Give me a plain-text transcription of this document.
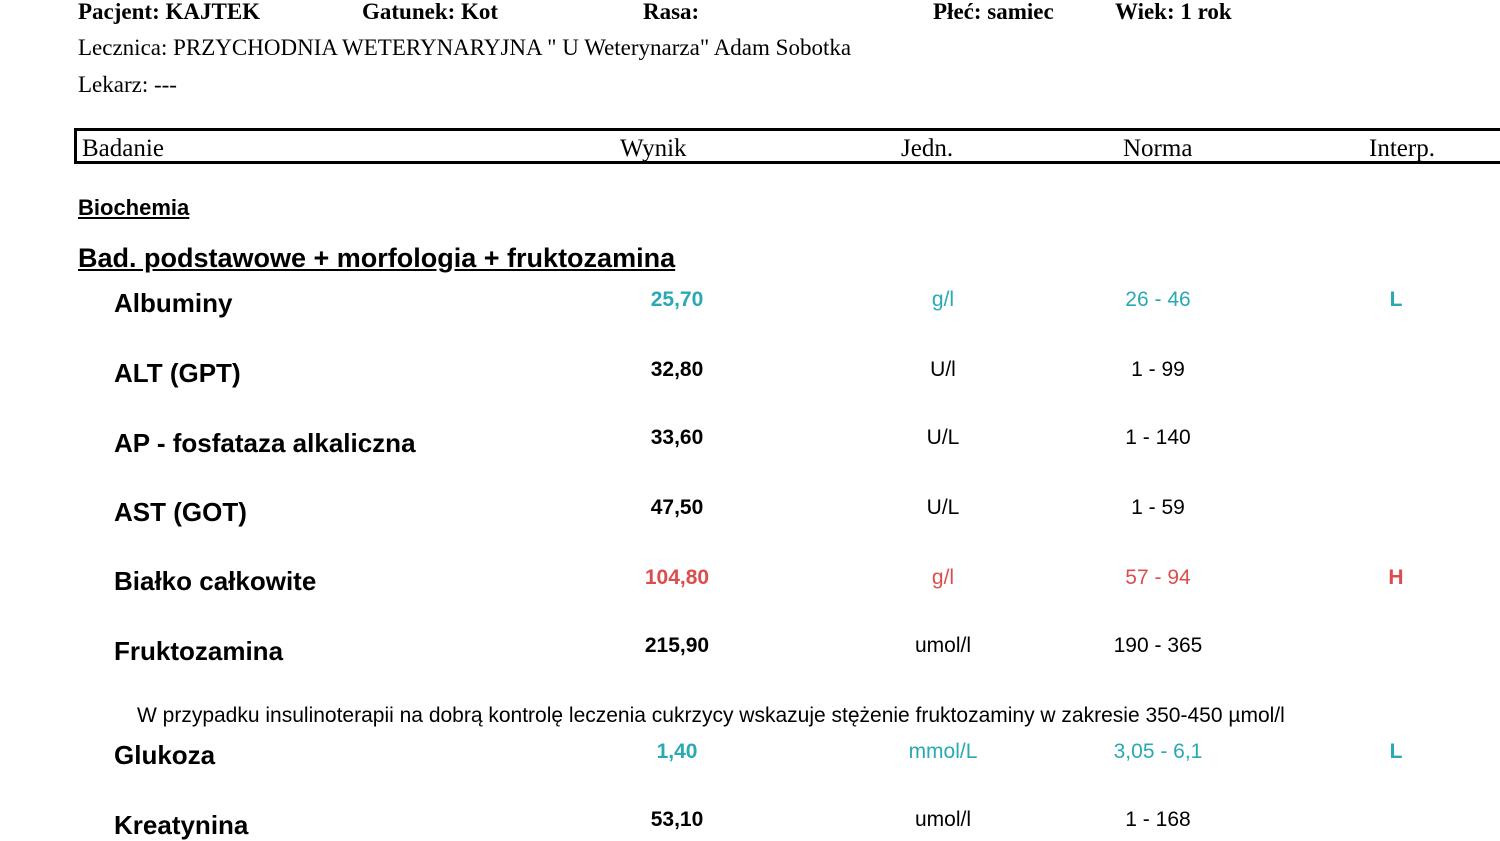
Pacjent: KAJTEK	Gatunek: Kot	Rasa:	Płeć: samiec	Wiek: 1 rok
Lecznica: PRZYCHODNIA WETERYNARYJNA " U Weterynarza" Adam Sobotka
Lekarz: ---
Badanie	Wynik	Jedn.	Norma	Interp.
Biochemia
Bad. podstawowe + morfologia + fruktozamina
Albuminy	25,70	g/l	26 - 46	L
ALT (GPT)	32,80	U/l	1 - 99
AP - fosfataza alkaliczna	33,60	U/L	1 - 140
AST (GOT)	47,50	U/L	1 - 59
Białko całkowite	104,80	g/l	57 - 94	H
Fruktozamina	215,90	umol/l	190 - 365
W przypadku insulinoterapii na dobrą kontrolę leczenia cukrzycy wskazuje stężenie fruktozaminy w zakresie 350-450 µmol/l
Glukoza	1,40	mmol/L	3,05 - 6,1	L
Kreatynina	53,10	umol/l	1 - 168
